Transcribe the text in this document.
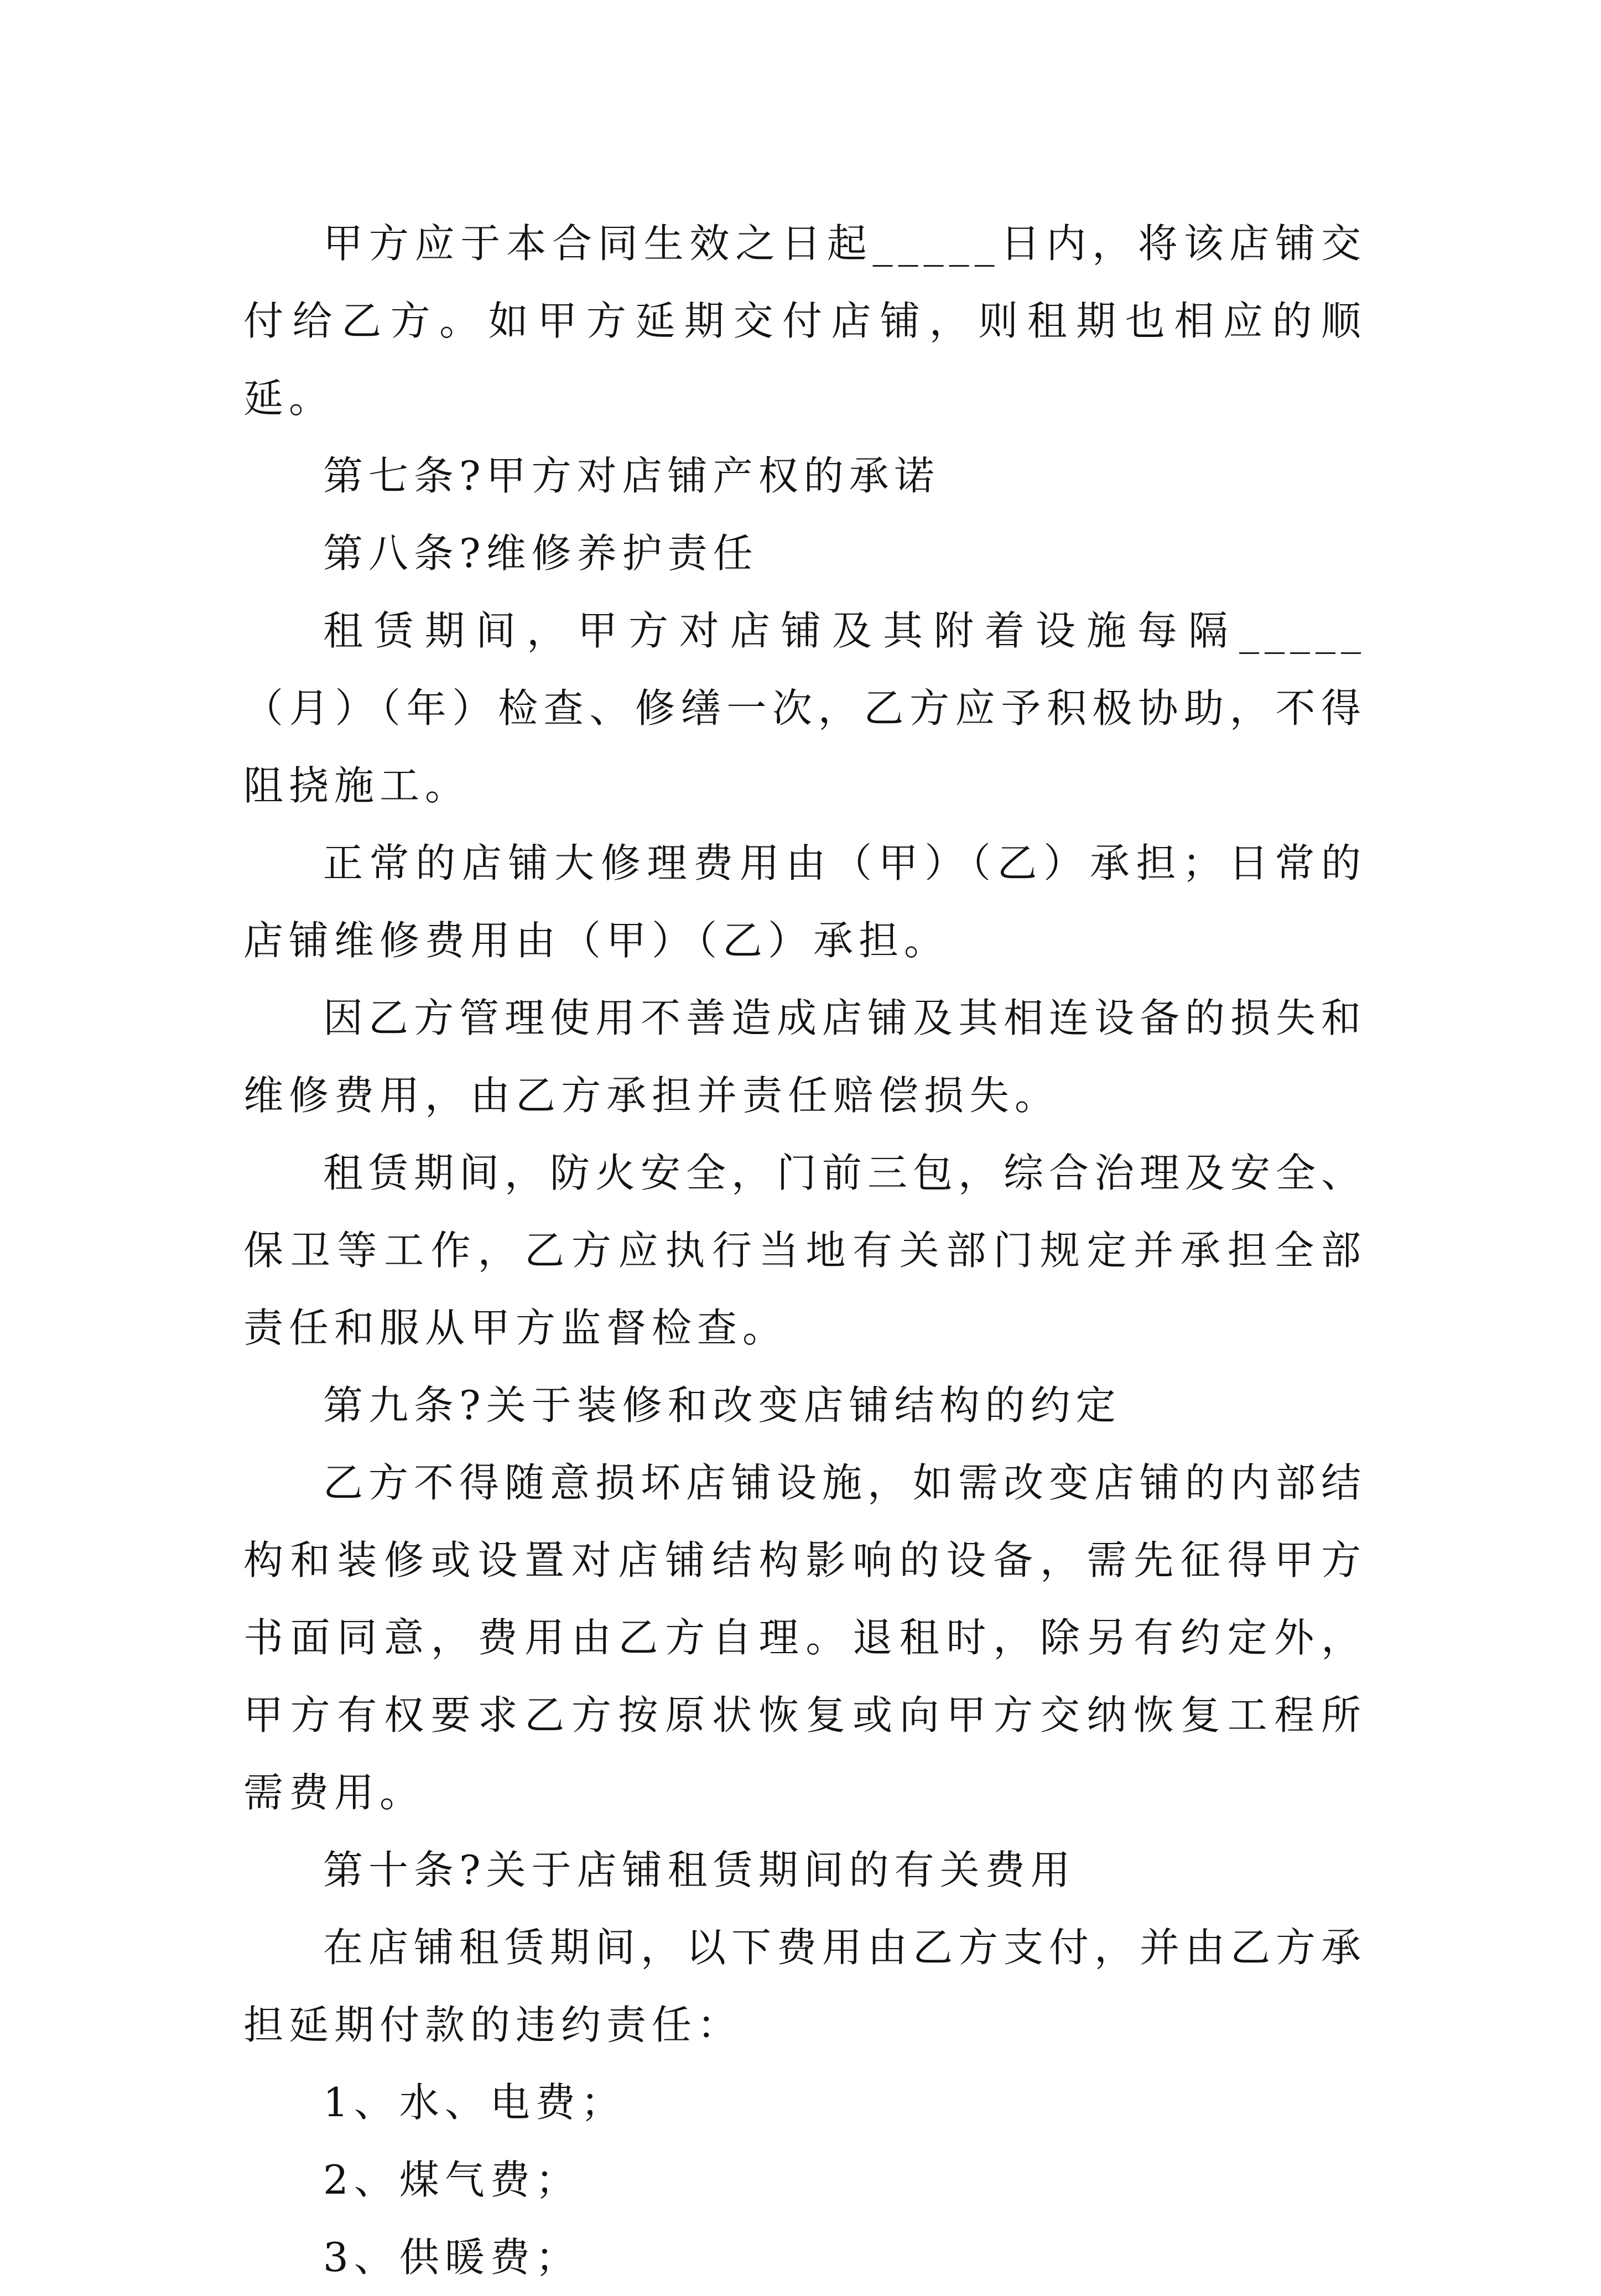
甲方应于本合同生效之日起_____日内，将该店铺交付给乙方。如甲方延期交付店铺，则租期也相应的顺延。

第七条?甲方对店铺产权的承诺

第八条?维修养护责任

租赁期间，甲方对店铺及其附着设施每隔_____（月）（年）检查、修缮一次，乙方应予积极协助，不得阻挠施工。

正常的店铺大修理费用由（甲）（乙）承担；日常的店铺维修费用由（甲）（乙）承担。

因乙方管理使用不善造成店铺及其相连设备的损失和维修费用，由乙方承担并责任赔偿损失。

租赁期间，防火安全，门前三包，综合治理及安全、保卫等工作，乙方应执行当地有关部门规定并承担全部责任和服从甲方监督检查。

第九条?关于装修和改变店铺结构的约定

乙方不得随意损坏店铺设施，如需改变店铺的内部结构和装修或设置对店铺结构影响的设备，需先征得甲方书面同意，费用由乙方自理。退租时，除另有约定外，甲方有权要求乙方按原状恢复或向甲方交纳恢复工程所需费用。

第十条?关于店铺租赁期间的有关费用

在店铺租赁期间，以下费用由乙方支付，并由乙方承担延期付款的违约责任：

1、水、电费；

2、煤气费；

3、供暖费；
